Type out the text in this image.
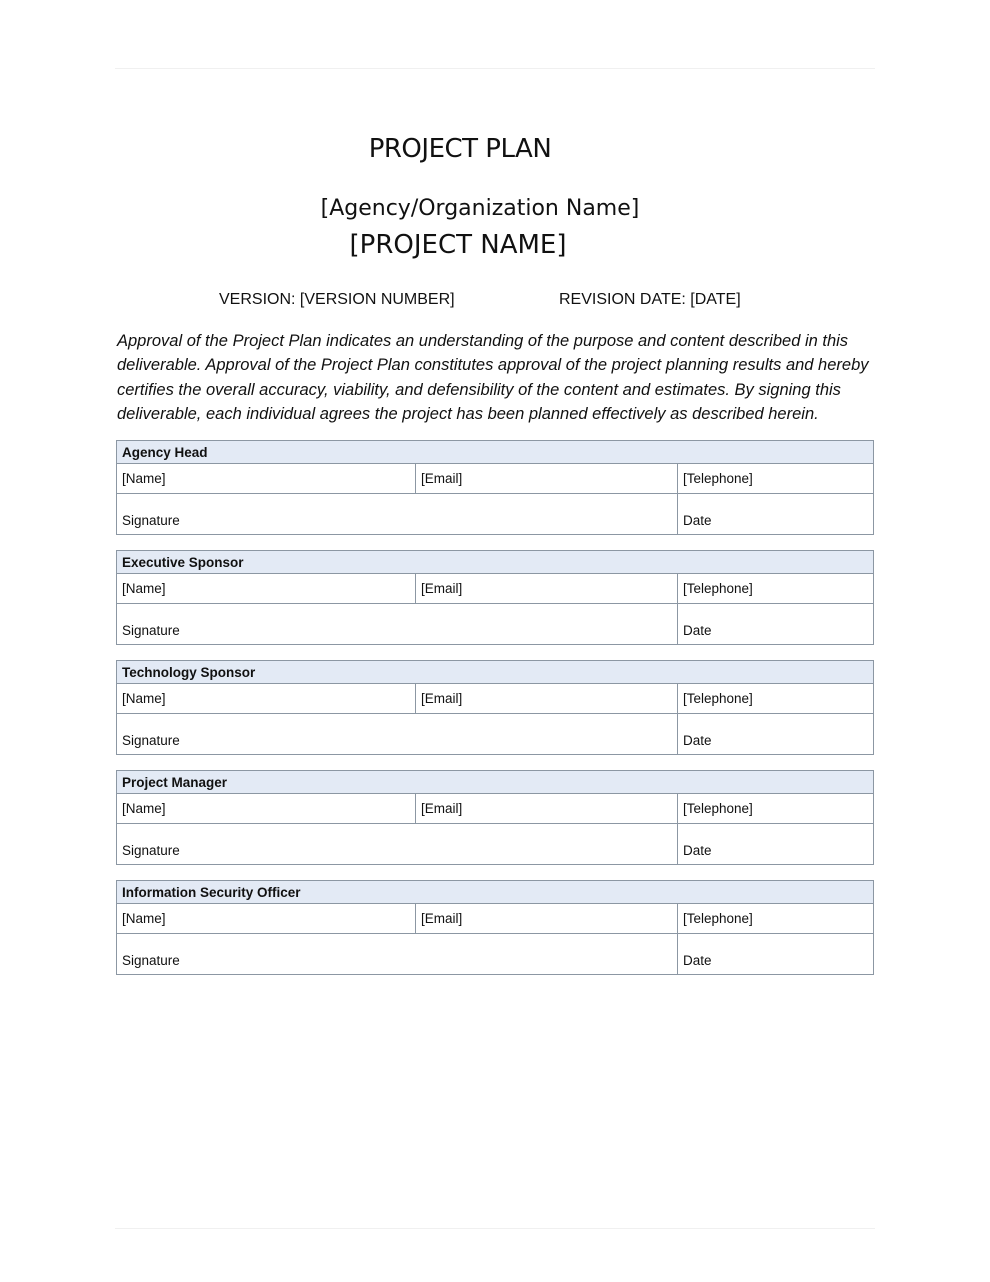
PROJECT PLAN
[Agency/Organization Name]
[PROJECT NAME]
VERSION: [VERSION NUMBER]	REVISION DATE: [DATE]
Approval of the Project Plan indicates an understanding of the purpose and content described in this deliverable. Approval of the Project Plan constitutes approval of the project planning results and hereby certifies the overall accuracy, viability, and defensibility of the content and estimates. By signing this deliverable, each individual agrees the project has been planned effectively as described herein.
Agency Head
[Name]	[Email]	[Telephone]
Signature	Date
Executive Sponsor
[Name]	[Email]	[Telephone]
Signature	Date
Technology Sponsor
[Name]	[Email]	[Telephone]
Signature	Date
Project Manager
[Name]	[Email]	[Telephone]
Signature	Date
Information Security Officer
[Name]	[Email]	[Telephone]
Signature	Date
